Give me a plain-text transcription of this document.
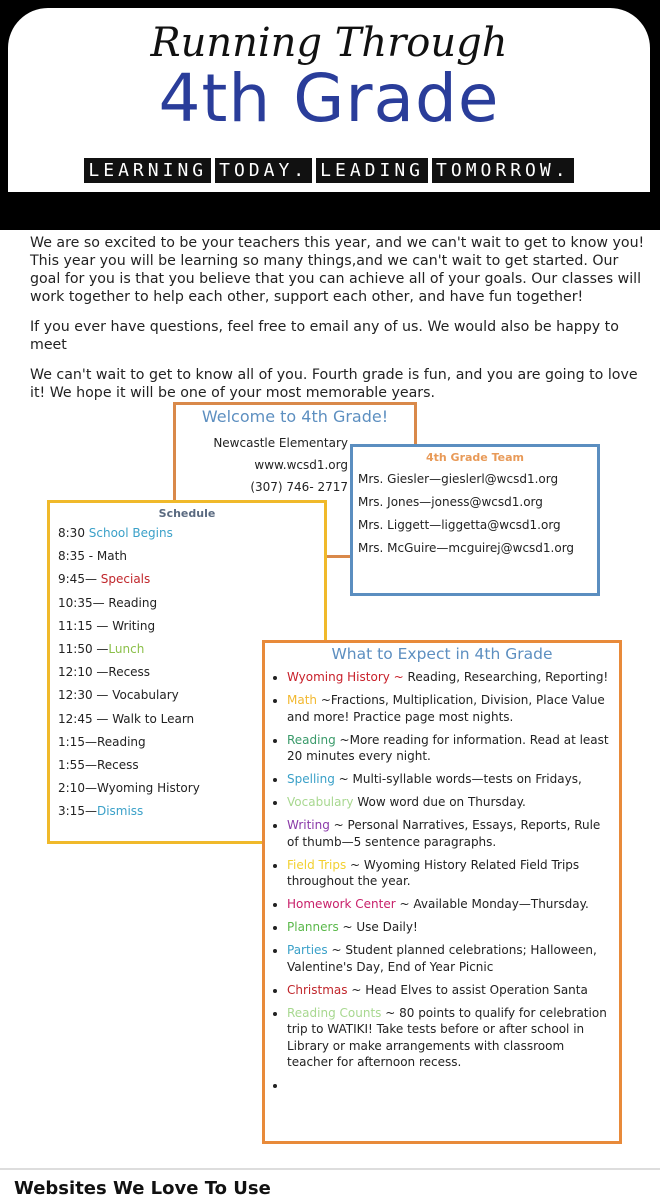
Running Through
4th Grade
LEARNING TODAY. LEADING TOMORROW.

We are so excited to be your teachers this year, and we can't wait to get to know you! This year you will be learning so many things,and we can't wait to get started. Our goal for you is that you believe that you can achieve all of your goals. Our classes will work together to help each other, support each other, and have fun together!

If you ever have questions, feel free to email any of us. We would also be happy to meet

We can't wait to get to know all of you. Fourth grade is fun, and you are going to love it! We hope it will be one of your most memorable years.

Welcome to 4th Grade!
Newcastle Elementary
www.wcsd1.org
(307) 746- 2717
4th Grade Team
Mrs. Giesler—gieslerl@wcsd1.org
Mrs. Jones—joness@wcsd1.org
Mrs. Liggett—liggetta@wcsd1.org
Mrs. McGuire—mcguirej@wcsd1.org
Schedule
8:30 School Begins
8:35 - Math
9:45— Specials
10:35— Reading
11:15 — Writing
11:50 —Lunch
12:10 —Recess
12:30 — Vocabulary
12:45 — Walk to Learn
1:15—Reading
1:55—Recess
2:10—Wyoming History
3:15—Dismiss
What to Expect in 4th Grade
• Wyoming History ~ Reading, Researching, Reporting!
• Math ~Fractions, Multiplication, Division, Place Value and more! Practice page most nights.
• Reading ~More reading for information. Read at least 20 minutes every night.
• Spelling ~ Multi-syllable words—tests on Fridays,
• Vocabulary Wow word due on Thursday.
• Writing ~ Personal Narratives, Essays, Reports, Rule of thumb—5 sentence paragraphs.
• Field Trips ~ Wyoming History Related Field Trips throughout the year.
• Homework Center ~ Available Monday—Thursday.
• Planners ~ Use Daily!
• Parties ~ Student planned celebrations; Halloween, Valentine's Day, End of Year Picnic
• Christmas ~ Head Elves to assist Operation Santa
• Reading Counts ~ 80 points to qualify for celebration trip to WATIKI! Take tests before or after school in Library or make arrangements with classroom teacher for afternoon recess.
•
Websites We Love To Use
